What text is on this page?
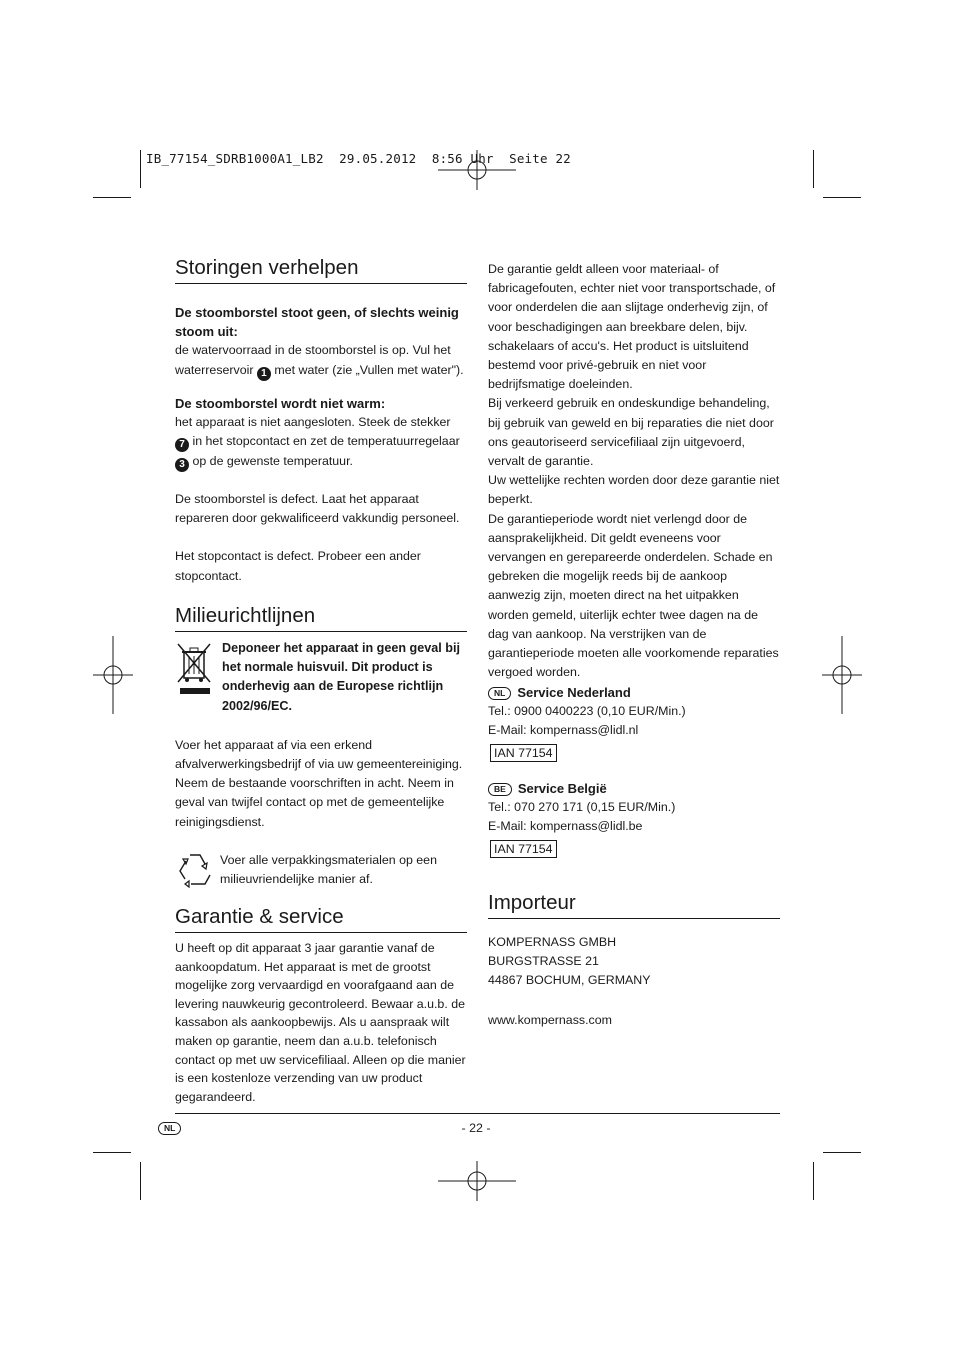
IB_77154_SDRB1000A1_LB2  29.05.2012  8:56 Uhr  Seite 22
Storingen verhelpen

De stoomborstel stoot geen, of slechts weinig stoom uit:

de watervoorraad in de stoomborstel is op. Vul het waterreservoir 1 met water (zie „Vullen met water").

De stoomborstel wordt niet warm:

het apparaat is niet aangesloten. Steek de stekker 7 in het stopcontact en zet de temperatuurregelaar 3 op de gewenste temperatuur.

De stoomborstel is defect. Laat het apparaat repareren door gekwalificeerd vakkundig personeel.

Het stopcontact is defect. Probeer een ander stopcontact.

Milieurichtlijnen

Deponeer het apparaat in geen geval bij het normale huisvuil. Dit product is onderhevig aan de Europese richtlijn 2002/96/EC.

Voer het apparaat af via een erkend afvalverwerkingsbedrijf of via uw gemeentereiniging.

Neem de bestaande voorschriften in acht. Neem in geval van twijfel contact op met de gemeentelijke reinigingsdienst.

Voer alle verpakkingsmaterialen op een milieuvriendelijke manier af.

Garantie & service

U heeft op dit apparaat 3 jaar garantie vanaf de aankoopdatum. Het apparaat is met de grootst mogelijke zorg vervaardigd en voorafgaand aan de levering nauwkeurig gecontroleerd. Bewaar a.u.b. de kassabon als aankoopbewijs. Als u aanspraak wilt maken op garantie, neem dan a.u.b. telefonisch contact op met uw servicefiliaal. Alleen op die manier is een kostenloze verzending van uw product gegarandeerd.

De garantie geldt alleen voor materiaal- of fabricagefouten, echter niet voor transportschade, of voor onderdelen die aan slijtage onderhevig zijn, of voor beschadigingen aan breekbare delen, bijv. schakelaars of accu's. Het product is uitsluitend bestemd voor privé-gebruik en niet voor bedrijfsmatige doeleinden.

Bij verkeerd gebruik en ondeskundige behandeling, bij gebruik van geweld en bij reparaties die niet door ons geautoriseerd servicefiliaal zijn uitgevoerd, vervalt de garantie.

Uw wettelijke rechten worden door deze garantie niet beperkt.

De garantieperiode wordt niet verlengd door de aansprakelijkheid. Dit geldt eveneens voor vervangen en gerepareerde onderdelen. Schade en gebreken die mogelijk reeds bij de aankoop aanwezig zijn, moeten direct na het uitpakken worden gemeld, uiterlijk echter twee dagen na de dag van aankoop. Na verstrijken van de garantieperiode moeten alle voorkomende reparaties vergoed worden.

NL Service Nederland

Tel.: 0900 0400223 (0,10 EUR/Min.)

E-Mail: kompernass@lidl.nl

IAN 77154

BE Service België

Tel.: 070 270 171 (0,15 EUR/Min.)

E-Mail: kompernass@lidl.be

IAN 77154

Importeur

KOMPERNASS GMBH

BURGSTRASSE 21

44867 BOCHUM, GERMANY

www.kompernass.com

NL	- 22 -
